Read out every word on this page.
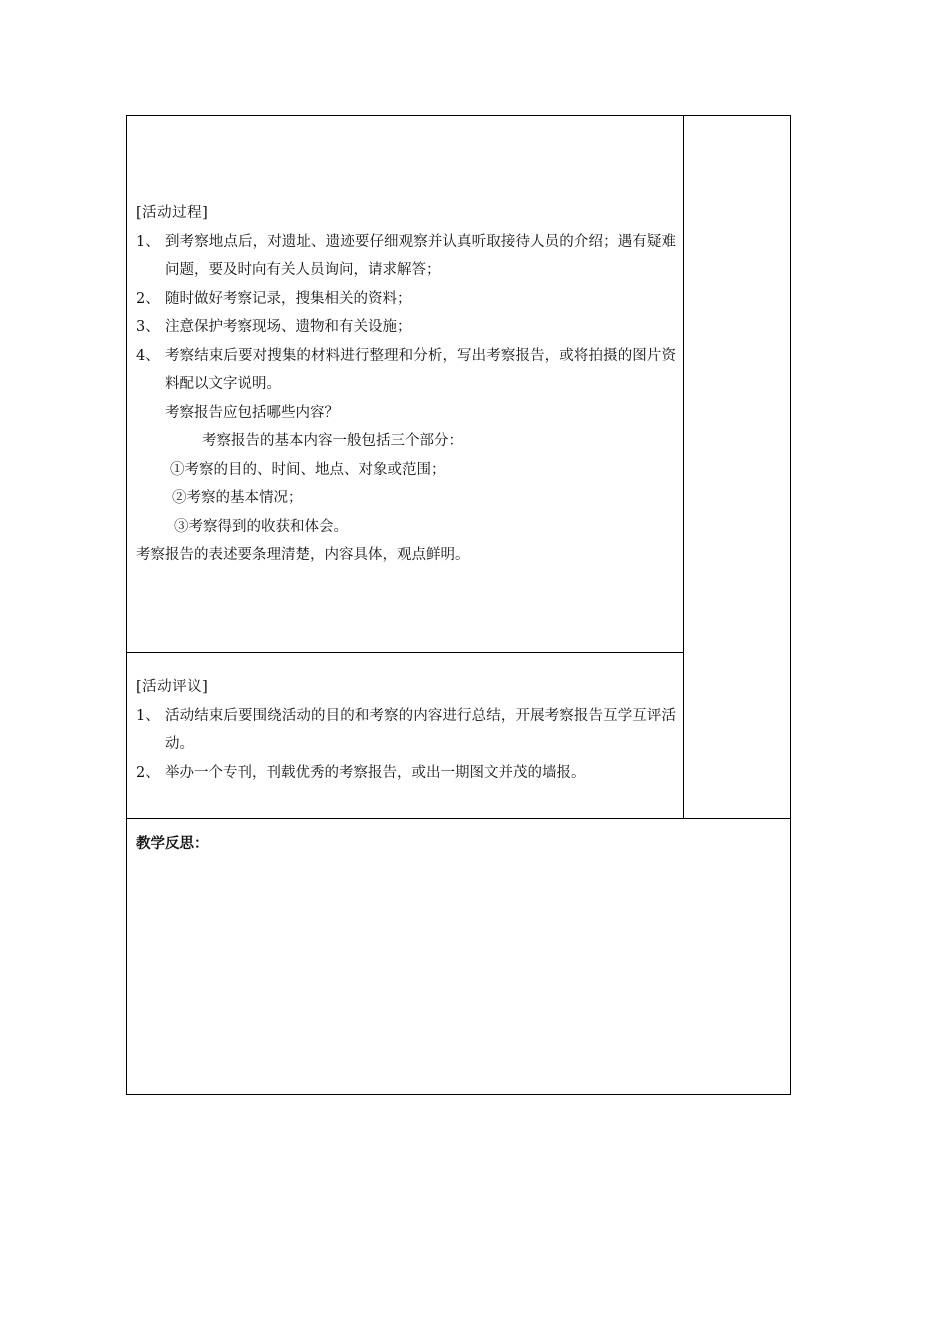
[活动过程]
1、 到考察地点后，对遗址、遗迹要仔细观察并认真听取接待人员的介绍；遇有疑难问题，要及时向有关人员询问，请求解答；
2、 随时做好考察记录，搜集相关的资料；
3、 注意保护考察现场、遗物和有关设施；
4、 考察结束后要对搜集的材料进行整理和分析，写出考察报告，或将拍摄的图片资料配以文字说明。
考察报告应包括哪些内容？
考察报告的基本内容一般包括三个部分：
①考察的目的、时间、地点、对象或范围；
②考察的基本情况；
③考察得到的收获和体会。
考察报告的表述要条理清楚，内容具体，观点鲜明。
[活动评议]
1、 活动结束后要围绕活动的目的和考察的内容进行总结，开展考察报告互学互评活动。
2、 举办一个专刊，刊载优秀的考察报告，或出一期图文并茂的墙报。
教学反思：
